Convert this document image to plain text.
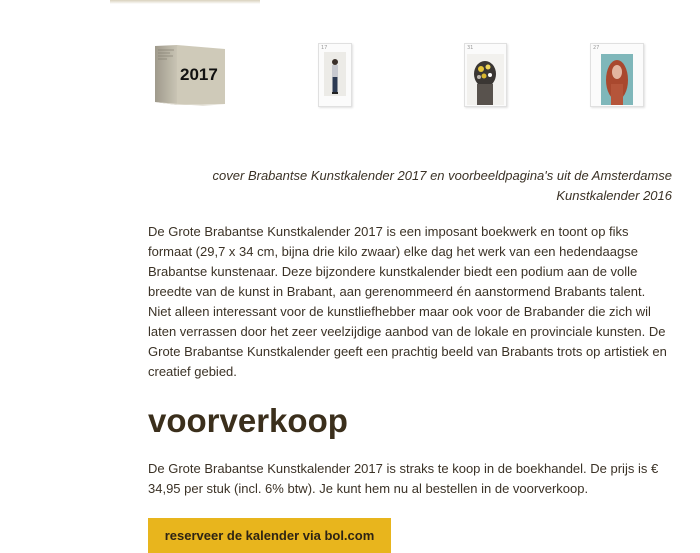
2017
17	31	27
cover Brabantse Kunstkalender 2017 en voorbeeldpagina's uit de Amsterdamse
Kunstkalender 2016

De Grote Brabantse Kunstkalender 2017 is een imposant boekwerk en toont op fiks
formaat (29,7 x 34 cm, bijna drie kilo zwaar) elke dag het werk van een hedendaagse
Brabantse kunstenaar. Deze bijzondere kunstkalender biedt een podium aan de volle
breedte van de kunst in Brabant, aan gerenommeerd én aanstormend Brabants talent.
Niet alleen interessant voor de kunstliefhebber maar ook voor de Brabander die zich wil
laten verrassen door het zeer veelzijdige aanbod van de lokale en provinciale kunsten. De
Grote Brabantse Kunstkalender geeft een prachtig beeld van Brabants trots op artistiek en
creatief gebied.

voorverkoop

De Grote Brabantse Kunstkalender 2017 is straks te koop in de boekhandel. De prijs is €
34,95 per stuk (incl. 6% btw). Je kunt hem nu al bestellen in de voorverkoop.

reserveer de kalender via bol.com
